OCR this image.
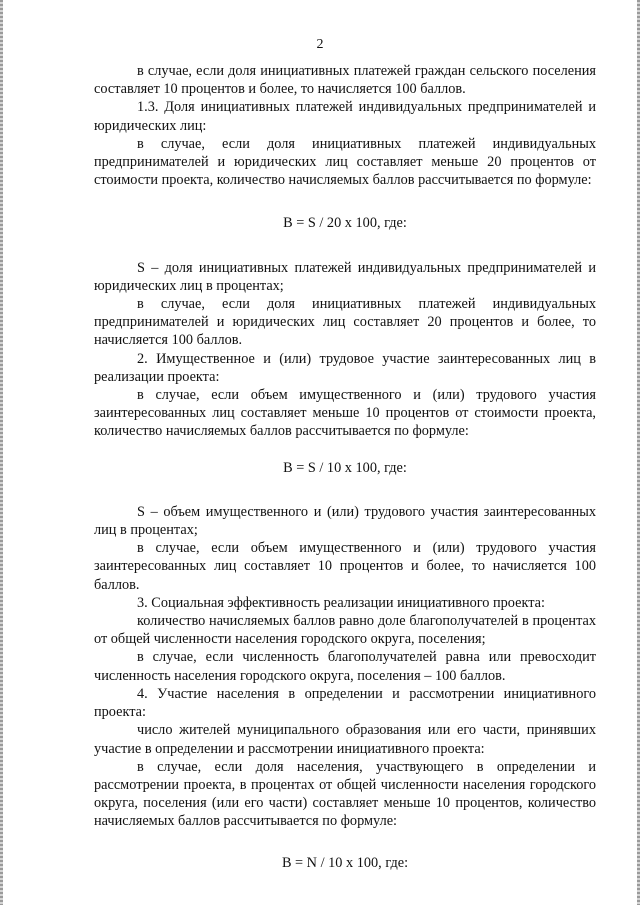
2

в случае, если доля инициативных платежей граждан сельского поселения составляет 10 процентов и более, то начисляется 100 баллов.

1.3. Доля инициативных платежей индивидуальных предпринимателей и юридических лиц:

в случае, если доля инициативных платежей индивидуальных предпринимателей и юридических лиц составляет меньше 20 процентов от стоимости проекта, количество начисляемых баллов рассчитывается по формуле:

B = S / 20 x 100, где:

S – доля инициативных платежей индивидуальных предпринимателей и юридических лиц в процентах;

в случае, если доля инициативных платежей индивидуальных предпринимателей и юридических лиц составляет 20 процентов и более, то начисляется 100 баллов.

2. Имущественное и (или) трудовое участие заинтересованных лиц в реализации проекта:

в случае, если объем имущественного и (или) трудового участия заинтересованных лиц составляет меньше 10 процентов от стоимости проекта, количество начисляемых баллов рассчитывается по формуле:

B = S / 10 x 100, где:

S – объем имущественного и (или) трудового участия заинтересованных лиц в процентах;

в случае, если объем имущественного и (или) трудового участия заинтересованных лиц составляет 10 процентов и более, то начисляется 100 баллов.

3. Социальная эффективность реализации инициативного проекта:

количество начисляемых баллов равно доле благополучателей в процентах от общей численности населения городского округа, поселения;

в случае, если численность благополучателей равна или превосходит численность населения городского округа, поселения – 100 баллов.

4. Участие населения в определении и рассмотрении инициативного проекта:

число жителей муниципального образования или его части, принявших участие в определении и рассмотрении инициативного проекта:

в случае, если доля населения, участвующего в определении и рассмотрении проекта, в процентах от общей численности населения городского округа, поселения (или его части) составляет меньше 10 процентов, количество начисляемых баллов рассчитывается по формуле:

B = N / 10 x 100, где:
